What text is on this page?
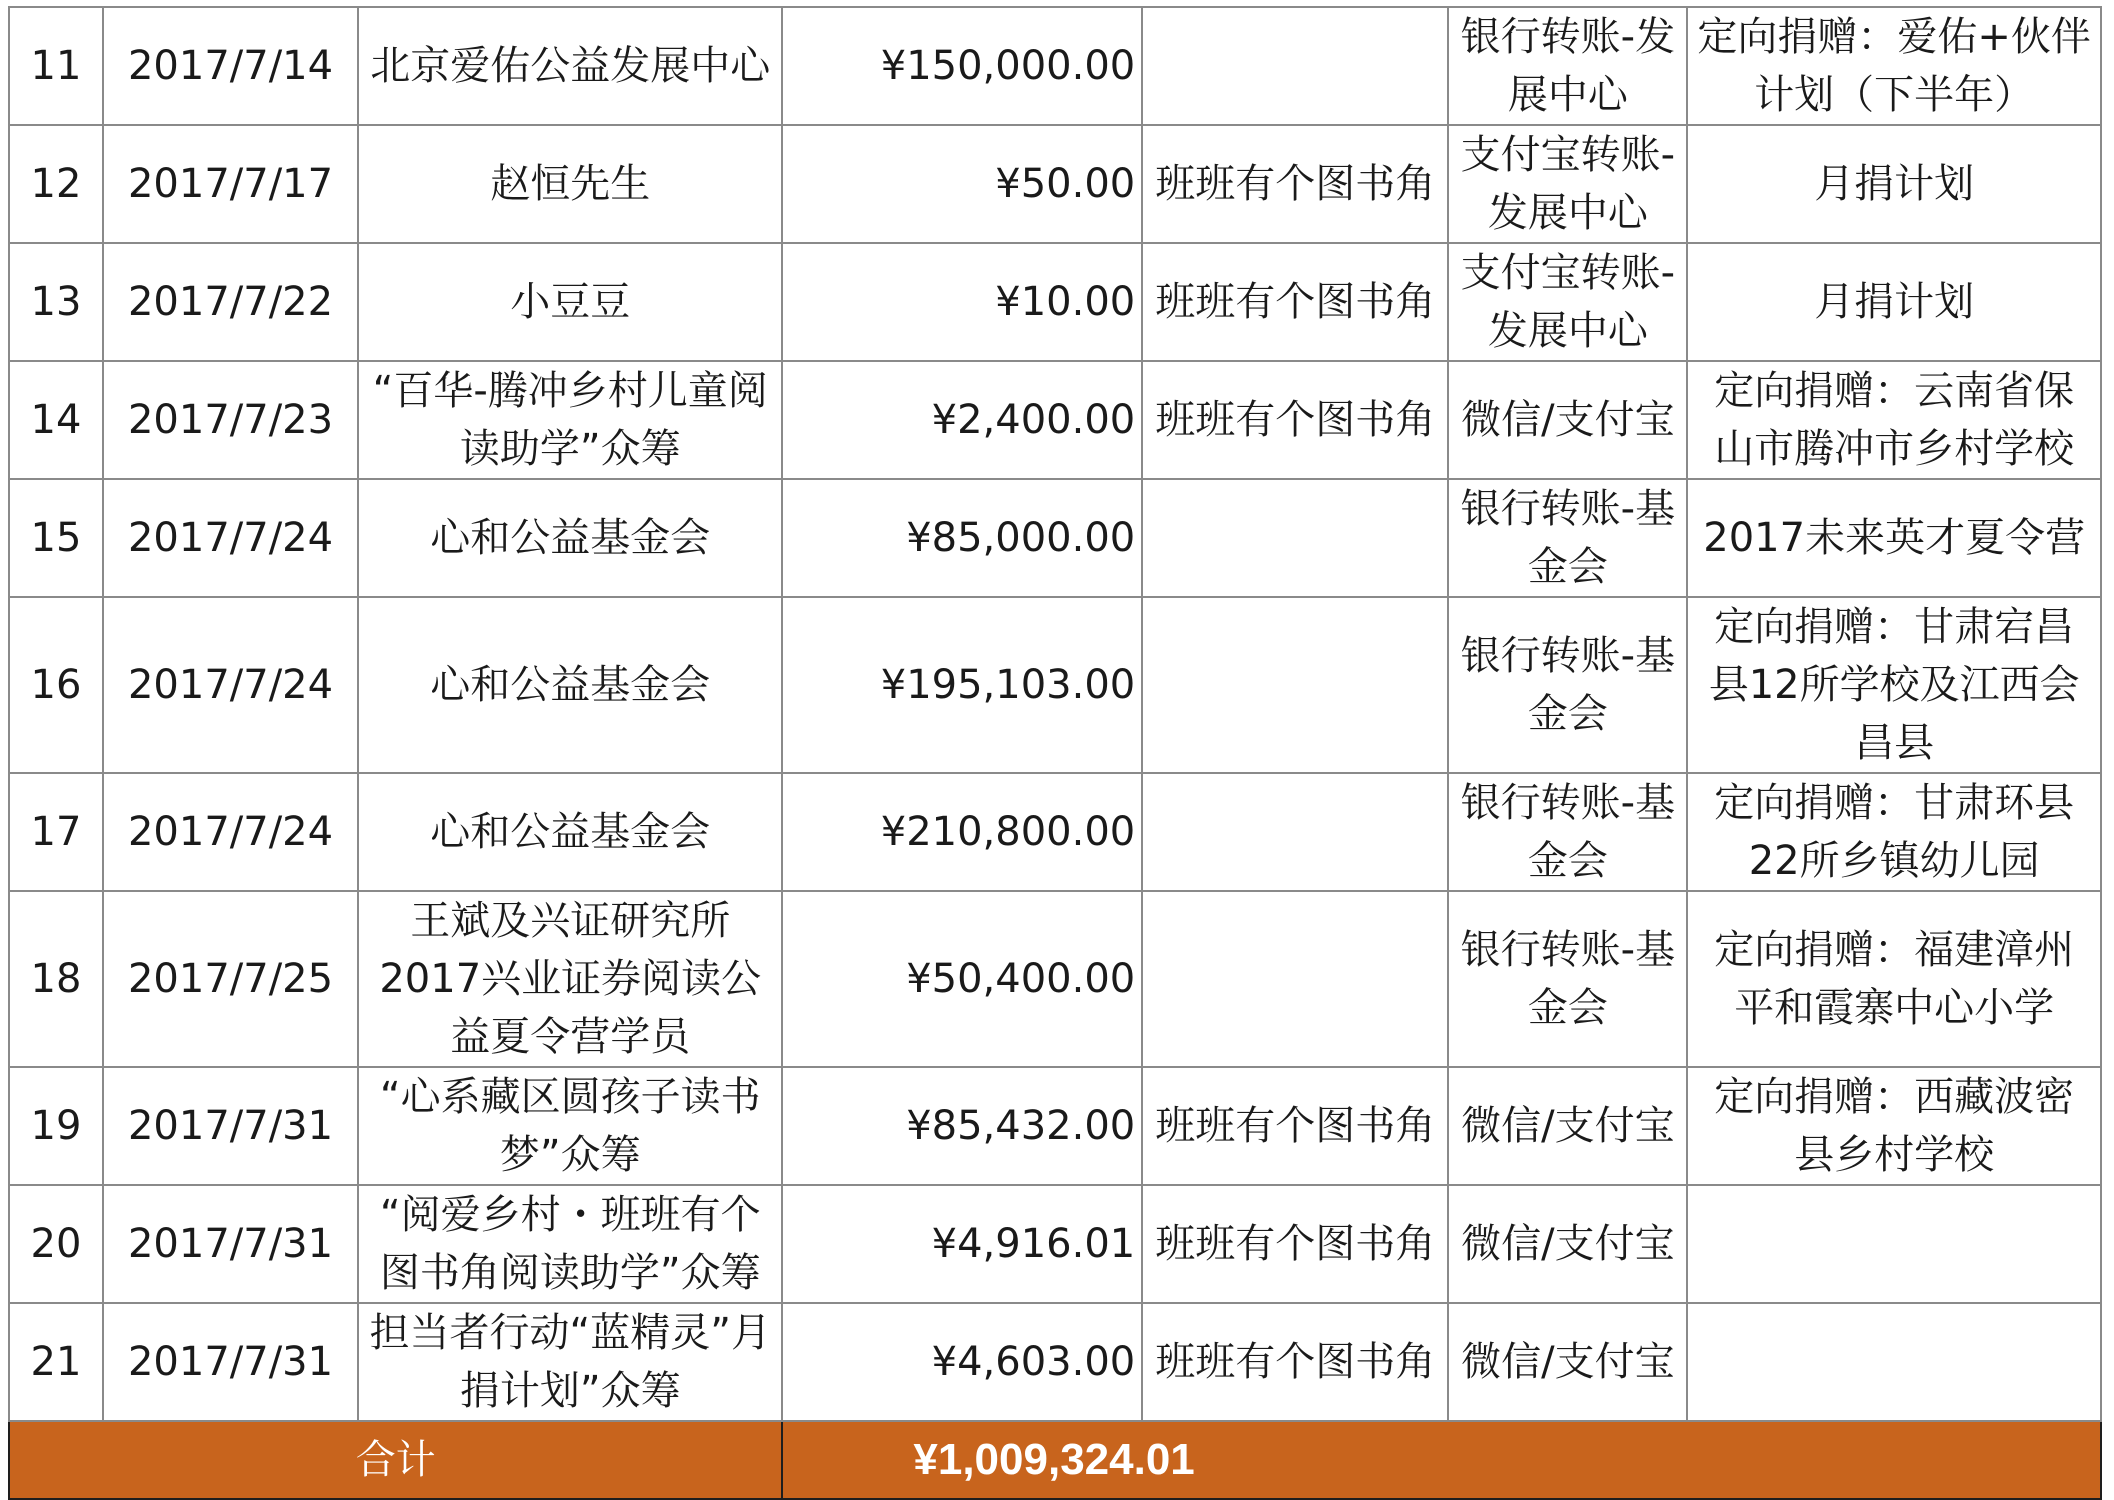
11	2017/7/14	北京爱佑公益发展中心	¥150,000.00		银行转账-发展中心	定向捐赠：爱佑+伙伴计划（下半年）
12	2017/7/17	赵恒先生	¥50.00	班班有个图书角	支付宝转账-发展中心	月捐计划
13	2017/7/22	小豆豆	¥10.00	班班有个图书角	支付宝转账-发展中心	月捐计划
14	2017/7/23	“百华-腾冲乡村儿童阅读助学”众筹	¥2,400.00	班班有个图书角	微信/支付宝	定向捐赠：云南省保山市腾冲市乡村学校
15	2017/7/24	心和公益基金会	¥85,000.00		银行转账-基金会	2017未来英才夏令营
16	2017/7/24	心和公益基金会	¥195,103.00		银行转账-基金会	定向捐赠：甘肃宕昌县12所学校及江西会昌县
17	2017/7/24	心和公益基金会	¥210,800.00		银行转账-基金会	定向捐赠：甘肃环县22所乡镇幼儿园
18	2017/7/25	王斌及兴证研究所2017兴业证券阅读公益夏令营学员	¥50,400.00		银行转账-基金会	定向捐赠：福建漳州平和霞寨中心小学
19	2017/7/31	“心系藏区圆孩子读书梦”众筹	¥85,432.00	班班有个图书角	微信/支付宝	定向捐赠：西藏波密县乡村学校
20	2017/7/31	“阅爱乡村・班班有个图书角阅读助学”众筹	¥4,916.01	班班有个图书角	微信/支付宝	
21	2017/7/31	担当者行动“蓝精灵”月捐计划”众筹	¥4,603.00	班班有个图书角	微信/支付宝	
合计			¥1,009,324.01			
